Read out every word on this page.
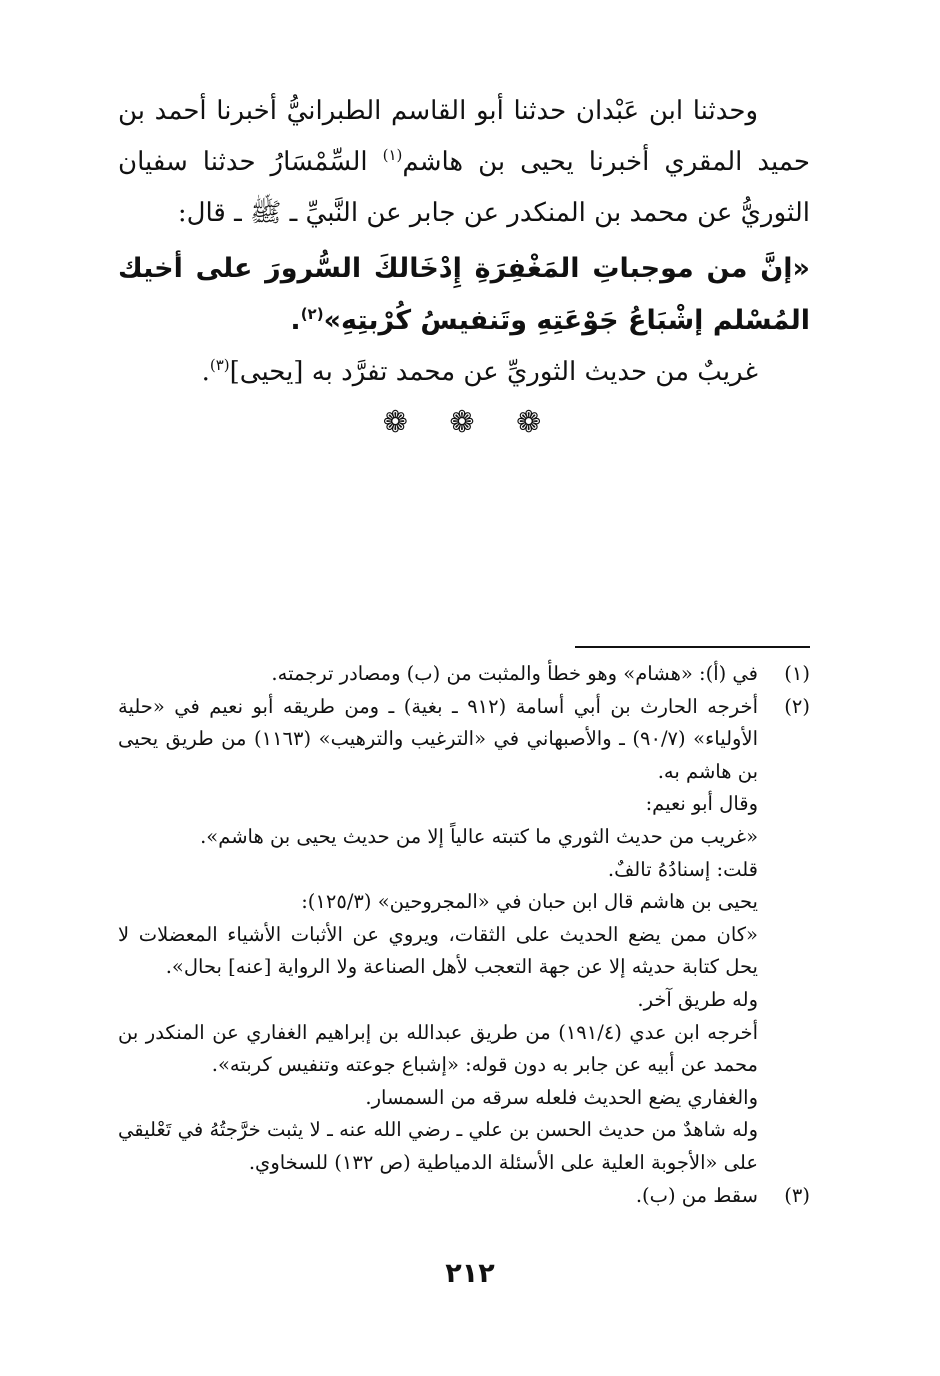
وحدثنا ابن عَبْدان حدثنا أبو القاسم الطبرانيُّ أخبرنا أحمد بن حميد المقري أخبرنا يحيى بن هاشم$^{(١)}$ السِّمْسَارُ حدثنا سفيان الثوريُّ عن محمد بن المنكدر عن جابر عن النَّبيِّ ـ ﷺ ـ قال:

«إنَّ من موجباتِ المَغْفِرَةِ إِدْخَالكَ السُّرورَ على أخيك المُسْلم إشْبَاعُ جَوْعَتِهِ وتَنفيسُ كُرْبتِهِ»$^{(٢)}$.

غريبٌ من حديث الثوريِّ عن محمد تفرَّد به [يحيى]$^{(٣)}$.

❁ ❁ ❁
(١)

في (أ): «هشام» وهو خطأ والمثبت من (ب) ومصادر ترجمته.

(٢)

أخرجه الحارث بن أبي أسامة (٩١٢ ـ بغية) ـ ومن طريقه أبو نعيم في «حلية الأولياء» (٩٠/٧) ـ والأصبهاني في «الترغيب والترهيب» (١١٦٣) من طريق يحيى بن هاشم به.

وقال أبو نعيم:

«غريب من حديث الثوري ما كتبته عالياً إلا من حديث يحيى بن هاشم».

قلت: إسنادُهُ تالفٌ.

يحيى بن هاشم قال ابن حبان في «المجروحين» (١٢٥/٣):

«كان ممن يضع الحديث على الثقات، ويروي عن الأثبات الأشياء المعضلات لا يحل كتابة حديثه إلا عن جهة التعجب لأهل الصناعة ولا الرواية [عنه] بحال».

وله طريق آخر.

أخرجه ابن عدي (١٩١/٤) من طريق عبدالله بن إبراهيم الغفاري عن المنكدر بن محمد عن أبيه عن جابر به دون قوله: «إشباع جوعته وتنفيس كربته».

والغفاري يضع الحديث فلعله سرقه من السمسار.

وله شاهدٌ من حديث الحسن بن علي ـ رضي الله عنه ـ لا يثبت خرَّجتُهُ في تَعْليقي على «الأجوبة العلية على الأسئلة الدمياطية (ص ١٣٢) للسخاوي.

(٣)

سقط من (ب).

٢١٢
